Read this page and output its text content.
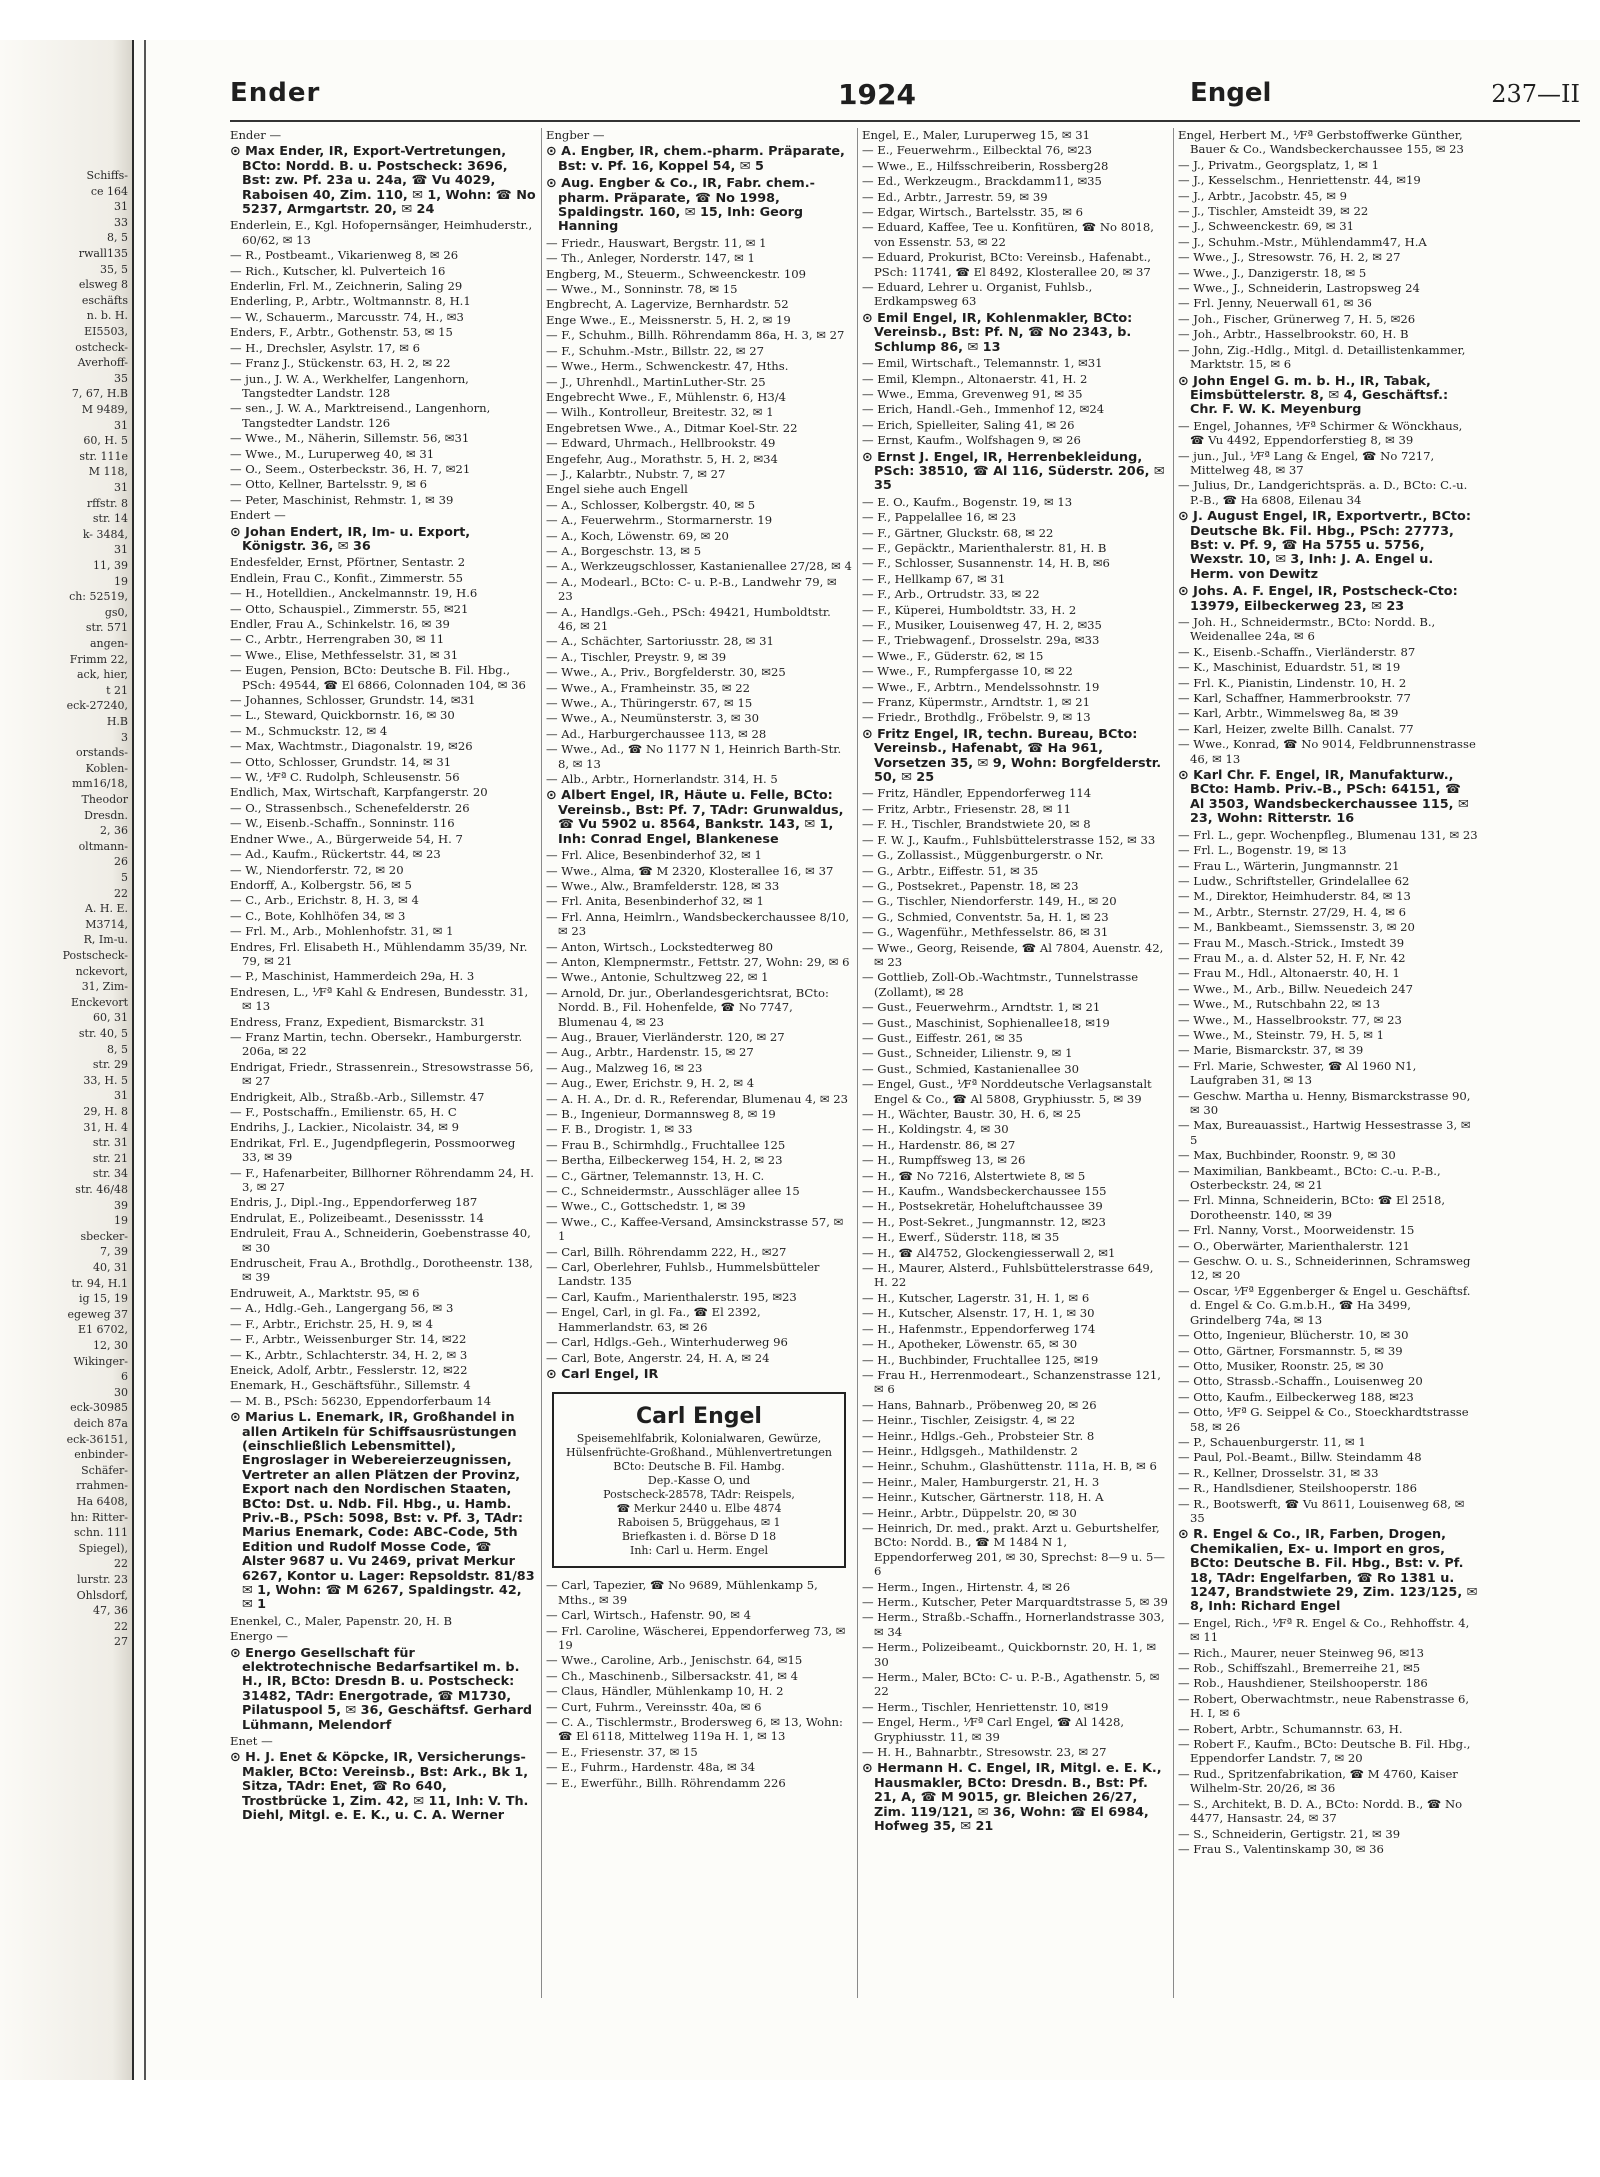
Schiffs-
ce 164
31
33
8, 5
rwall135
35, 5
elsweg 8
eschäfts
n. b. H.
EI5503,
ostcheck-
Averhoff-
35
7, 67, H.B
M 9489,
31
60, H. 5
str. 111e
M 118,
31
rffstr. 8
str. 14
k- 3484,
31
11, 39
19
ch: 52519,
gs0,
str. 571
angen-
Frimm 22,
ack, hier,
t 21
eck-27240,
H.B
3
orstands-
Koblen-
mm16/18,
Theodor
Dresdn.
2, 36
oltmann-
26
5
22
A. H. E.
M3714,
R, Im-u.
Postscheck-
nckevort,
31, Zim-
Enckevort
60, 31
str. 40, 5
8, 5
str. 29
33, H. 5
31
29, H. 8
31, H. 4
str. 31
str. 21
str. 34
str. 46/48
39
19
sbecker-
7, 39
40, 31
tr. 94, H.1
ig 15, 19
egeweg 37
E1 6702,
12, 30
Wikinger-
6
30
eck-30985
deich 87a
eck-36151,
enbinder-
Schäfer-
rrahmen-
Ha 6408,
hn: Ritter-
schn. 111
Spiegel),
22
lurstr. 23
Ohlsdorf,
47, 36
22
27
Ender	1924	Engel	237—II
Ender —
⊙ Max Ender, IR, Export-Vertretungen, BCto: Nordd. B. u. Postscheck: 3696, Bst: zw. Pf. 23a u. 24a, ☎ Vu 4029, Raboisen 40, Zim. 110, ✉ 1, Wohn: ☎ No 5237, Armgartstr. 20, ✉ 24
Enderlein, E., Kgl. Hofopernsänger, Heimhuderstr., 60/62, ✉ 13
— R., Postbeamt., Vikarienweg 8, ✉ 26
— Rich., Kutscher, kl. Pulverteich 16
Enderlin, Frl. M., Zeichnerin, Saling 29
Enderling, P., Arbtr., Woltmannstr. 8, H.1
— W., Schauerm., Marcusstr. 74, H., ✉3
Enders, F., Arbtr., Gothenstr. 53, ✉ 15
— H., Drechsler, Asylstr. 17, ✉ 6
— Franz J., Stückenstr. 63, H. 2, ✉ 22
— jun., J. W. A., Werkhelfer, Langenhorn, Tangstedter Landstr. 128
— sen., J. W. A., Marktreisend., Langenhorn, Tangstedter Landstr. 126
— Wwe., M., Näherin, Sillemstr. 56, ✉31
— Wwe., M., Luruperweg 40, ✉ 31
— O., Seem., Osterbeckstr. 36, H. 7, ✉21
— Otto, Kellner, Bartelsstr. 9, ✉ 6
— Peter, Maschinist, Rehmstr. 1, ✉ 39
Endert —
⊙ Johan Endert, IR, Im- u. Export, Königstr. 36, ✉ 36
Endesfelder, Ernst, Pförtner, Sentastr. 2
Endlein, Frau C., Konfit., Zimmerstr. 55
— H., Hotelldien., Anckelmannstr. 19, H.6
— Otto, Schauspiel., Zimmerstr. 55, ✉21
Endler, Frau A., Schinkelstr. 16, ✉ 39
— C., Arbtr., Herrengraben 30, ✉ 11
— Wwe., Elise, Methfesselstr. 31, ✉ 31
— Eugen, Pension, BCto: Deutsche B. Fil. Hbg., PSch: 49544, ☎ El 6866, Colonnaden 104, ✉ 36
— Johannes, Schlosser, Grundstr. 14, ✉31
— L., Steward, Quickbornstr. 16, ✉ 30
— M., Schmuckstr. 12, ✉ 4
— Max, Wachtmstr., Diagonalstr. 19, ✉26
— Otto, Schlosser, Grundstr. 14, ✉ 31
— W., ⅟Fª C. Rudolph, Schleusenstr. 56
Endlich, Max, Wirtschaft, Karpfangerstr. 20
— O., Strassenbsch., Schenefelderstr. 26
— W., Eisenb.-Schaffn., Sonninstr. 116
Endner Wwe., A., Bürgerweide 54, H. 7
— Ad., Kaufm., Rückertstr. 44, ✉ 23
— W., Niendorferstr. 72, ✉ 20
Endorff, A., Kolbergstr. 56, ✉ 5
— C., Arb., Erichstr. 8, H. 3, ✉ 4
— C., Bote, Kohlhöfen 34, ✉ 3
— Frl. M., Arb., Mohlenhofstr. 31, ✉ 1
Endres, Frl. Elisabeth H., Mühlendamm 35/39, Nr. 79, ✉ 21
— P., Maschinist, Hammerdeich 29a, H. 3
Endresen, L., ⅟Fª Kahl & Endresen, Bundesstr. 31, ✉ 13
Endress, Franz, Expedient, Bismarckstr. 31
— Franz Martin, techn. Obersekr., Hamburgerstr. 206a, ✉ 22
Endrigat, Friedr., Strassenrein., Stresowstrasse 56, ✉ 27
Endrigkeit, Alb., Straßb.-Arb., Sillemstr. 47
— F., Postschaffn., Emilienstr. 65, H. C
Endrihs, J., Lackier., Nicolaistr. 34, ✉ 9
Endrikat, Frl. E., Jugendpflegerin, Possmoorweg 33, ✉ 39
— F., Hafenarbeiter, Billhorner Röhrendamm 24, H. 3, ✉ 27
Endris, J., Dipl.-Ing., Eppendorferweg 187
Endrulat, E., Polizeibeamt., Desenissstr. 14
Endruleit, Frau A., Schneiderin, Goebenstrasse 40, ✉ 30
Endruscheit, Frau A., Brothdlg., Dorotheenstr. 138, ✉ 39
Endruweit, A., Marktstr. 95, ✉ 6
— A., Hdlg.-Geh., Langergang 56, ✉ 3
— F., Arbtr., Erichstr. 25, H. 9, ✉ 4
— F., Arbtr., Weissenburger Str. 14, ✉22
— K., Arbtr., Schlachterstr. 34, H. 2, ✉ 3
Eneick, Adolf, Arbtr., Fesslerstr. 12, ✉22
Enemark, H., Geschäftsführ., Sillemstr. 4
— M. B., PSch: 56230, Eppendorferbaum 14
⊙ Marius L. Enemark, IR, Großhandel in allen Artikeln für Schiffsausrüstungen (einschließlich Lebensmittel), Engroslager in Webereierzeugnissen, Vertreter an allen Plätzen der Provinz, Export nach den Nordischen Staaten, BCto: Dst. u. Ndb. Fil. Hbg., u. Hamb. Priv.-B., PSch: 5098, Bst: v. Pf. 3, TAdr: Marius Enemark, Code: ABC-Code, 5th Edition und Rudolf Mosse Code, ☎ Alster 9687 u. Vu 2469, privat Merkur 6267, Kontor u. Lager: Repsoldstr. 81/83 ✉ 1, Wohn: ☎ M 6267, Spaldingstr. 42, ✉ 1
Enenkel, C., Maler, Papenstr. 20, H. B
Energo —
⊙ Energo Gesellschaft für elektrotechnische Bedarfsartikel m. b. H., IR, BCto: Dresdn B. u. Postscheck: 31482, TAdr: Energotrade, ☎ M1730, Pilatuspool 5, ✉ 36, Geschäftsf. Gerhard Lühmann, Melendorf
Enet —
⊙ H. J. Enet & Köpcke, IR, Versicherungs-Makler, BCto: Vereinsb., Bst: Ark., Bk 1, Sitza, TAdr: Enet, ☎ Ro 640, Trostbrücke 1, Zim. 42, ✉ 11, Inh: V. Th. Diehl, Mitgl. e. E. K., u. C. A. Werner
Engber —
⊙ A. Engber, IR, chem.-pharm. Präparate, Bst: v. Pf. 16, Koppel 54, ✉ 5
⊙ Aug. Engber & Co., IR, Fabr. chem.-pharm. Präparate, ☎ No 1998, Spaldingstr. 160, ✉ 15, Inh: Georg Hanning
— Friedr., Hauswart, Bergstr. 11, ✉ 1
— Th., Anleger, Norderstr. 147, ✉ 1
Engberg, M., Steuerm., Schweenckestr. 109
— Wwe., M., Sonninstr. 78, ✉ 15
Engbrecht, A. Lagervize, Bernhardstr. 52
Enge Wwe., E., Meissnerstr. 5, H. 2, ✉ 19
— F., Schuhm., Billh. Röhrendamm 86a, H. 3, ✉ 27
— F., Schuhm.-Mstr., Billstr. 22, ✉ 27
— Wwe., Herm., Schwenckestr. 47, Hths.
— J., Uhrenhdl., MartinLuther-Str. 25
Engebrecht Wwe., F., Mühlenstr. 6, H3/4
— Wilh., Kontrolleur, Breitestr. 32, ✉ 1
Engebretsen Wwe., A., Ditmar Koel-Str. 22
— Edward, Uhrmach., Hellbrookstr. 49
Engefehr, Aug., Morathstr. 5, H. 2, ✉34
— J., Kalarbtr., Nubstr. 7, ✉ 27
Engel siehe auch Engell
— A., Schlosser, Kolbergstr. 40, ✉ 5
— A., Feuerwehrm., Stormarnerstr. 19
— A., Koch, Löwenstr. 69, ✉ 20
— A., Borgeschstr. 13, ✉ 5
— A., Werkzeugschlosser, Kastanienallee 27/28, ✉ 4
— A., Modearl., BCto: C- u. P.-B., Landwehr 79, ✉ 23
— A., Handlgs.-Geh., PSch: 49421, Humboldtstr. 46, ✉ 21
— A., Schächter, Sartoriusstr. 28, ✉ 31
— A., Tischler, Preystr. 9, ✉ 39
— Wwe., A., Priv., Borgfelderstr. 30, ✉25
— Wwe., A., Framheinstr. 35, ✉ 22
— Wwe., A., Thüringerstr. 67, ✉ 15
— Wwe., A., Neumünsterstr. 3, ✉ 30
— Ad., Harburgerchaussee 113, ✉ 28
— Wwe., Ad., ☎ No 1177 N 1, Heinrich Barth-Str. 8, ✉ 13
— Alb., Arbtr., Hornerlandstr. 314, H. 5
⊙ Albert Engel, IR, Häute u. Felle, BCto: Vereinsb., Bst: Pf. 7, TAdr: Grunwaldus, ☎ Vu 5902 u. 8564, Bankstr. 143, ✉ 1, Inh: Conrad Engel, Blankenese
— Frl. Alice, Besenbinderhof 32, ✉ 1
— Wwe., Alma, ☎ M 2320, Klosterallee 16, ✉ 37
— Wwe., Alw., Bramfelderstr. 128, ✉ 33
— Frl. Anita, Besenbinderhof 32, ✉ 1
— Frl. Anna, Heimlrn., Wandsbeckerchaussee 8/10, ✉ 23
— Anton, Wirtsch., Lockstedterweg 80
— Anton, Klempnermstr., Fettstr. 27, Wohn: 29, ✉ 6
— Wwe., Antonie, Schultzweg 22, ✉ 1
— Arnold, Dr. jur., Oberlandesgerichtsrat, BCto: Nordd. B., Fil. Hohenfelde, ☎ No 7747, Blumenau 4, ✉ 23
— Aug., Brauer, Vierländerstr. 120, ✉ 27
— Aug., Arbtr., Hardenstr. 15, ✉ 27
— Aug., Malzweg 16, ✉ 23
— Aug., Ewer, Erichstr. 9, H. 2, ✉ 4
— A. H. A., Dr. d. R., Referendar, Blumenau 4, ✉ 23
— B., Ingenieur, Dormannsweg 8, ✉ 19
— F. B., Drogistr. 1, ✉ 33
— Frau B., Schirmhdlg., Fruchtallee 125
— Bertha, Eilbeckerweg 154, H. 2, ✉ 23
— C., Gärtner, Telemannstr. 13, H. C.
— C., Schneidermstr., Ausschläger allee 15
— Wwe., C., Gottschedstr. 1, ✉ 39
— Wwe., C., Kaffee-Versand, Amsinckstrasse 57, ✉ 1
— Carl, Billh. Röhrendamm 222, H., ✉27
— Carl, Oberlehrer, Fuhlsb., Hummelsbütteler Landstr. 135
— Carl, Kaufm., Marienthalerstr. 195, ✉23
— Engel, Carl, in gl. Fa., ☎ El 2392, Hammerlandstr. 63, ✉ 26
— Carl, Hdlgs.-Geh., Winterhuderweg 96
— Carl, Bote, Angerstr. 24, H. A, ✉ 24
⊙ Carl Engel, IR
Carl Engel
Speisemehlfabrik, Kolonialwaren, Gewürze, Hülsenfrüchte-Großhand., Mühlenvertretungen
BCto: Deutsche B. Fil. Hambg.
Dep.-Kasse O, und
Postscheck-28578, TAdr: Reispels,
☎ Merkur 2440 u. Elbe 4874
Raboisen 5, Brüggehaus, ✉ 1
Briefkasten i. d. Börse D 18
Inh: Carl u. Herm. Engel
— Carl, Tapezier, ☎ No 9689, Mühlenkamp 5, Mths., ✉ 39
— Carl, Wirtsch., Hafenstr. 90, ✉ 4
— Frl. Caroline, Wäscherei, Eppendorferweg 73, ✉ 19
— Wwe., Caroline, Arb., Jenischstr. 64, ✉15
— Ch., Maschinenb., Silbersackstr. 41, ✉ 4
— Claus, Händler, Mühlenkamp 10, H. 2
— Curt, Fuhrm., Vereinsstr. 40a, ✉ 6
— C. A., Tischlermstr., Brodersweg 6, ✉ 13, Wohn: ☎ El 6118, Mittelweg 119a H. 1, ✉ 13
— E., Friesenstr. 37, ✉ 15
— E., Fuhrm., Hardenstr. 48a, ✉ 34
— E., Ewerführ., Billh. Röhrendamm 226
Engel, E., Maler, Luruperweg 15, ✉ 31
— E., Feuerwehrm., Eilbecktal 76, ✉23
— Wwe., E., Hilfsschreiberin, Rossberg28
— Ed., Werkzeugm., Brackdamm11, ✉35
— Ed., Arbtr., Jarrestr. 59, ✉ 39
— Edgar, Wirtsch., Bartelsstr. 35, ✉ 6
— Eduard, Kaffee, Tee u. Konfitüren, ☎ No 8018, von Essenstr. 53, ✉ 22
— Eduard, Prokurist, BCto: Vereinsb., Hafenabt., PSch: 11741, ☎ El 8492, Klosterallee 20, ✉ 37
— Eduard, Lehrer u. Organist, Fuhlsb., Erdkampsweg 63
⊙ Emil Engel, IR, Kohlenmakler, BCto: Vereinsb., Bst: Pf. N, ☎ No 2343, b. Schlump 86, ✉ 13
— Emil, Wirtschaft., Telemannstr. 1, ✉31
— Emil, Klempn., Altonaerstr. 41, H. 2
— Wwe., Emma, Grevenweg 91, ✉ 35
— Erich, Handl.-Geh., Immenhof 12, ✉24
— Erich, Spielleiter, Saling 41, ✉ 26
— Ernst, Kaufm., Wolfshagen 9, ✉ 26
⊙ Ernst J. Engel, IR, Herrenbekleidung, PSch: 38510, ☎ Al 116, Süderstr. 206, ✉ 35
— E. O., Kaufm., Bogenstr. 19, ✉ 13
— F., Pappelallee 16, ✉ 23
— F., Gärtner, Gluckstr. 68, ✉ 22
— F., Gepäcktr., Marienthalerstr. 81, H. B
— F., Schlosser, Susannenstr. 14, H. B, ✉6
— F., Hellkamp 67, ✉ 31
— F., Arb., Ortrudstr. 33, ✉ 22
— F., Küperei, Humboldtstr. 33, H. 2
— F., Musiker, Louisenweg 47, H. 2, ✉35
— F., Triebwagenf., Drosselstr. 29a, ✉33
— Wwe., F., Güderstr. 62, ✉ 15
— Wwe., F., Rumpfergasse 10, ✉ 22
— Wwe., F., Arbtrn., Mendelssohnstr. 19
— Franz, Küpermstr., Arndtstr. 1, ✉ 21
— Friedr., Brothdlg., Fröbelstr. 9, ✉ 13
⊙ Fritz Engel, IR, techn. Bureau, BCto: Vereinsb., Hafenabt, ☎ Ha 961, Vorsetzen 35, ✉ 9, Wohn: Borgfelderstr. 50, ✉ 25
— Fritz, Händler, Eppendorferweg 114
— Fritz, Arbtr., Friesenstr. 28, ✉ 11
— F. H., Tischler, Brandstwiete 20, ✉ 8
— F. W. J., Kaufm., Fuhlsbüttelerstrasse 152, ✉ 33
— G., Zollassist., Müggenburgerstr. o Nr.
— G., Arbtr., Eiffestr. 51, ✉ 35
— G., Postsekret., Papenstr. 18, ✉ 23
— G., Tischler, Niendorferstr. 149, H., ✉ 20
— G., Schmied, Conventstr. 5a, H. 1, ✉ 23
— G., Wagenführ., Methfesselstr. 86, ✉ 31
— Wwe., Georg, Reisende, ☎ Al 7804, Auenstr. 42, ✉ 23
— Gottlieb, Zoll-Ob.-Wachtmstr., Tunnelstrasse (Zollamt), ✉ 28
— Gust., Feuerwehrm., Arndtstr. 1, ✉ 21
— Gust., Maschinist, Sophienallee18, ✉19
— Gust., Eiffestr. 261, ✉ 35
— Gust., Schneider, Lilienstr. 9, ✉ 1
— Gust., Schmied, Kastanienallee 30
— Engel, Gust., ⅟Fª Norddeutsche Verlagsanstalt Engel & Co., ☎ Al 5808, Gryphiusstr. 5, ✉ 39
— H., Wächter, Baustr. 30, H. 6, ✉ 25
— H., Koldingstr. 4, ✉ 30
— H., Hardenstr. 86, ✉ 27
— H., Rumpffsweg 13, ✉ 26
— H., ☎ No 7216, Alstertwiete 8, ✉ 5
— H., Kaufm., Wandsbeckerchaussee 155
— H., Postsekretär, Hoheluftchaussee 39
— H., Post-Sekret., Jungmannstr. 12, ✉23
— H., Ewerf., Süderstr. 118, ✉ 35
— H., ☎ Al4752, Glockengiesserwall 2, ✉1
— H., Maurer, Alsterd., Fuhlsbüttelerstrasse 649, H. 22
— H., Kutscher, Lagerstr. 31, H. 1, ✉ 6
— H., Kutscher, Alsenstr. 17, H. 1, ✉ 30
— H., Hafenmstr., Eppendorferweg 174
— H., Apotheker, Löwenstr. 65, ✉ 30
— H., Buchbinder, Fruchtallee 125, ✉19
— Frau H., Herrenmodeart., Schanzenstrasse 121, ✉ 6
— Hans, Bahnarb., Pröbenweg 20, ✉ 26
— Heinr., Tischler, Zeisigstr. 4, ✉ 22
— Heinr., Hdlgs.-Geh., Probsteier Str. 8
— Heinr., Hdlgsgeh., Mathildenstr. 2
— Heinr., Schuhm., Glashüttenstr. 111a, H. B, ✉ 6
— Heinr., Maler, Hamburgerstr. 21, H. 3
— Heinr., Kutscher, Gärtnerstr. 118, H. A
— Heinr., Arbtr., Düppelstr. 20, ✉ 30
— Heinrich, Dr. med., prakt. Arzt u. Geburtshelfer, BCto: Nordd. B., ☎ M 1484 N 1, Eppendorferweg 201, ✉ 30, Sprechst: 8—9 u. 5—6
— Herm., Ingen., Hirtenstr. 4, ✉ 26
— Herm., Kutscher, Peter Marquardtstrasse 5, ✉ 39
— Herm., Straßb.-Schaffn., Hornerlandstrasse 303, ✉ 34
— Herm., Polizeibeamt., Quickbornstr. 20, H. 1, ✉ 30
— Herm., Maler, BCto: C- u. P.-B., Agathenstr. 5, ✉ 22
— Herm., Tischler, Henriettenstr. 10, ✉19
— Engel, Herm., ⅟Fª Carl Engel, ☎ Al 1428, Gryphiusstr. 11, ✉ 39
— H. H., Bahnarbtr., Stresowstr. 23, ✉ 27
⊙ Hermann H. C. Engel, IR, Mitgl. e. E. K., Hausmakler, BCto: Dresdn. B., Bst: Pf. 21, A, ☎ M 9015, gr. Bleichen 26/27, Zim. 119/121, ✉ 36, Wohn: ☎ El 6984, Hofweg 35, ✉ 21
Engel, Herbert M., ⅟Fª Gerbstoffwerke Günther, Bauer & Co., Wandsbeckerchaussee 155, ✉ 23
— J., Privatm., Georgsplatz, 1, ✉ 1
— J., Kesselschm., Henriettenstr. 44, ✉19
— J., Arbtr., Jacobstr. 45, ✉ 9
— J., Tischler, Amsteidt 39, ✉ 22
— J., Schweenckestr. 69, ✉ 31
— J., Schuhm.-Mstr., Mühlendamm47, H.A
— Wwe., J., Stresowstr. 76, H. 2, ✉ 27
— Wwe., J., Danzigerstr. 18, ✉ 5
— Wwe., J., Schneiderin, Lastropsweg 24
— Frl. Jenny, Neuerwall 61, ✉ 36
— Joh., Fischer, Grünerweg 7, H. 5, ✉26
— Joh., Arbtr., Hasselbrookstr. 60, H. B
— John, Zig.-Hdlg., Mitgl. d. Detaillistenkammer, Marktstr. 15, ✉ 6
⊙ John Engel G. m. b. H., IR, Tabak, Eimsbüttelerstr. 8, ✉ 4, Geschäftsf.: Chr. F. W. K. Meyenburg
— Engel, Johannes, ⅟Fª Schirmer & Wönckhaus, ☎ Vu 4492, Eppendorferstieg 8, ✉ 39
— jun., Jul., ⅟Fª Lang & Engel, ☎ No 7217, Mittelweg 48, ✉ 37
— Julius, Dr., Landgerichtspräs. a. D., BCto: C.-u. P.-B., ☎ Ha 6808, Eilenau 34
⊙ J. August Engel, IR, Exportvertr., BCto: Deutsche Bk. Fil. Hbg., PSch: 27773, Bst: v. Pf. 9, ☎ Ha 5755 u. 5756, Wexstr. 10, ✉ 3, Inh: J. A. Engel u. Herm. von Dewitz
⊙ Johs. A. F. Engel, IR, Postscheck-Cto: 13979, Eilbeckerweg 23, ✉ 23
— Joh. H., Schneidermstr., BCto: Nordd. B., Weidenallee 24a, ✉ 6
— K., Eisenb.-Schaffn., Vierländerstr. 87
— K., Maschinist, Eduardstr. 51, ✉ 19
— Frl. K., Pianistin, Lindenstr. 10, H. 2
— Karl, Schaffner, Hammerbrookstr. 77
— Karl, Arbtr., Wimmelsweg 8a, ✉ 39
— Karl, Heizer, zwelte Billh. Canalst. 77
— Wwe., Konrad, ☎ No 9014, Feldbrunnenstrasse 46, ✉ 13
⊙ Karl Chr. F. Engel, IR, Manufakturw., BCto: Hamb. Priv.-B., PSch: 64151, ☎ Al 3503, Wandsbeckerchaussee 115, ✉ 23, Wohn: Ritterstr. 16
— Frl. L., gepr. Wochenpfleg., Blumenau 131, ✉ 23
— Frl. L., Bogenstr. 19, ✉ 13
— Frau L., Wärterin, Jungmannstr. 21
— Ludw., Schriftsteller, Grindelallee 62
— M., Direktor, Heimhuderstr. 84, ✉ 13
— M., Arbtr., Sternstr. 27/29, H. 4, ✉ 6
— M., Bankbeamt., Siemssenstr. 3, ✉ 20
— Frau M., Masch.-Strick., Imstedt 39
— Frau M., a. d. Alster 52, H. F, Nr. 42
— Frau M., Hdl., Altonaerstr. 40, H. 1
— Wwe., M., Arb., Billw. Neuedeich 247
— Wwe., M., Rutschbahn 22, ✉ 13
— Wwe., M., Hasselbrookstr. 77, ✉ 23
— Wwe., M., Steinstr. 79, H. 5, ✉ 1
— Marie, Bismarckstr. 37, ✉ 39
— Frl. Marie, Schwester, ☎ Al 1960 N1, Laufgraben 31, ✉ 13
— Geschw. Martha u. Henny, Bismarckstrasse 90, ✉ 30
— Max, Bureauassist., Hartwig Hessestrasse 3, ✉ 5
— Max, Buchbinder, Roonstr. 9, ✉ 30
— Maximilian, Bankbeamt., BCto: C.-u. P.-B., Osterbeckstr. 24, ✉ 21
— Frl. Minna, Schneiderin, BCto: ☎ El 2518, Dorotheenstr. 140, ✉ 39
— Frl. Nanny, Vorst., Moorweidenstr. 15
— O., Oberwärter, Marienthalerstr. 121
— Geschw. O. u. S., Schneiderinnen, Schramsweg 12, ✉ 20
— Oscar, ⅟Fª Eggenberger & Engel u. Geschäftsf. d. Engel & Co. G.m.b.H., ☎ Ha 3499, Grindelberg 74a, ✉ 13
— Otto, Ingenieur, Blücherstr. 10, ✉ 30
— Otto, Gärtner, Forsmannstr. 5, ✉ 39
— Otto, Musiker, Roonstr. 25, ✉ 30
— Otto, Strassb.-Schaffn., Louisenweg 20
— Otto, Kaufm., Eilbeckerweg 188, ✉23
— Otto, ⅟Fª G. Seippel & Co., Stoeckhardtstrasse 58, ✉ 26
— P., Schauenburgerstr. 11, ✉ 1
— Paul, Pol.-Beamt., Billw. Steindamm 48
— R., Kellner, Drosselstr. 31, ✉ 33
— R., Handlsdiener, Steilshooperstr. 186
— R., Bootswerft, ☎ Vu 8611, Louisenweg 68, ✉ 35
⊙ R. Engel & Co., IR, Farben, Drogen, Chemikalien, Ex- u. Import en gros, BCto: Deutsche B. Fil. Hbg., Bst: v. Pf. 18, TAdr: Engelfarben, ☎ Ro 1381 u. 1247, Brandstwiete 29, Zim. 123/125, ✉ 8, Inh: Richard Engel
— Engel, Rich., ⅟Fª R. Engel & Co., Rehhoffstr. 4, ✉ 11
— Rich., Maurer, neuer Steinweg 96, ✉13
— Rob., Schiffszahl., Bremerreihe 21, ✉5
— Rob., Haushdiener, Steilshooperstr. 186
— Robert, Oberwachtmstr., neue Rabenstrasse 6, H. I, ✉ 6
— Robert, Arbtr., Schumannstr. 63, H.
— Robert F., Kaufm., BCto: Deutsche B. Fil. Hbg., Eppendorfer Landstr. 7, ✉ 20
— Rud., Spritzenfabrikation, ☎ M 4760, Kaiser Wilhelm-Str. 20/26, ✉ 36
— S., Architekt, B. D. A., BCto: Nordd. B., ☎ No 4477, Hansastr. 24, ✉ 37
— S., Schneiderin, Gertigstr. 21, ✉ 39
— Frau S., Valentinskamp 30, ✉ 36
